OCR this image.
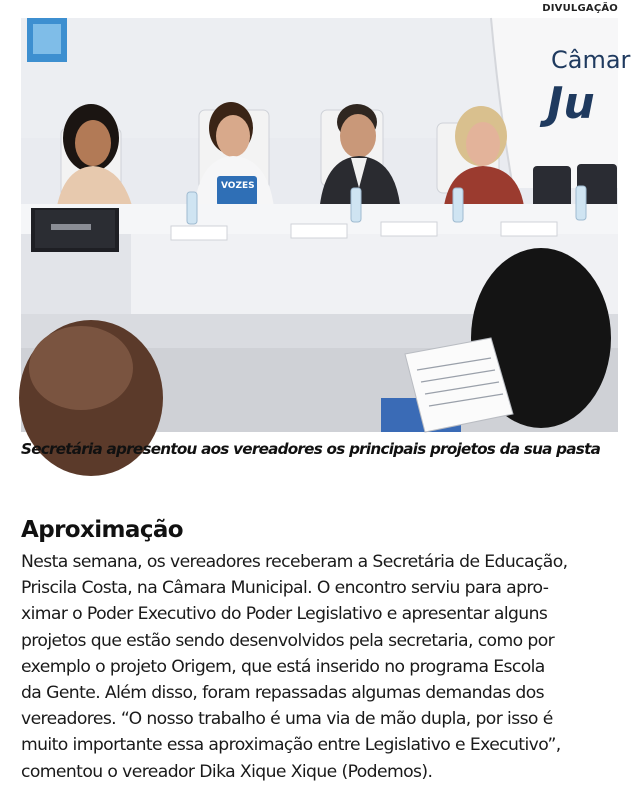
DIVULGAÇÃO
Câmar
Ju
VOZES
Secretária apresentou aos vereadores os principais projetos da sua pasta
Aproximação
Nesta semana, os vereadores receberam a Secretária de Educação,
Priscila Costa, na Câmara Municipal. O encontro serviu para apro-
ximar o Poder Executivo do Poder Legislativo e apresentar alguns
projetos que estão sendo desenvolvidos pela secretaria, como por
exemplo o projeto Origem, que está inserido no programa Escola
da Gente. Além disso, foram repassadas algumas demandas dos
vereadores. “O nosso trabalho é uma via de mão dupla, por isso é
muito importante essa aproximação entre Legislativo e Executivo”,
comentou o vereador Dika Xique Xique (Podemos).
